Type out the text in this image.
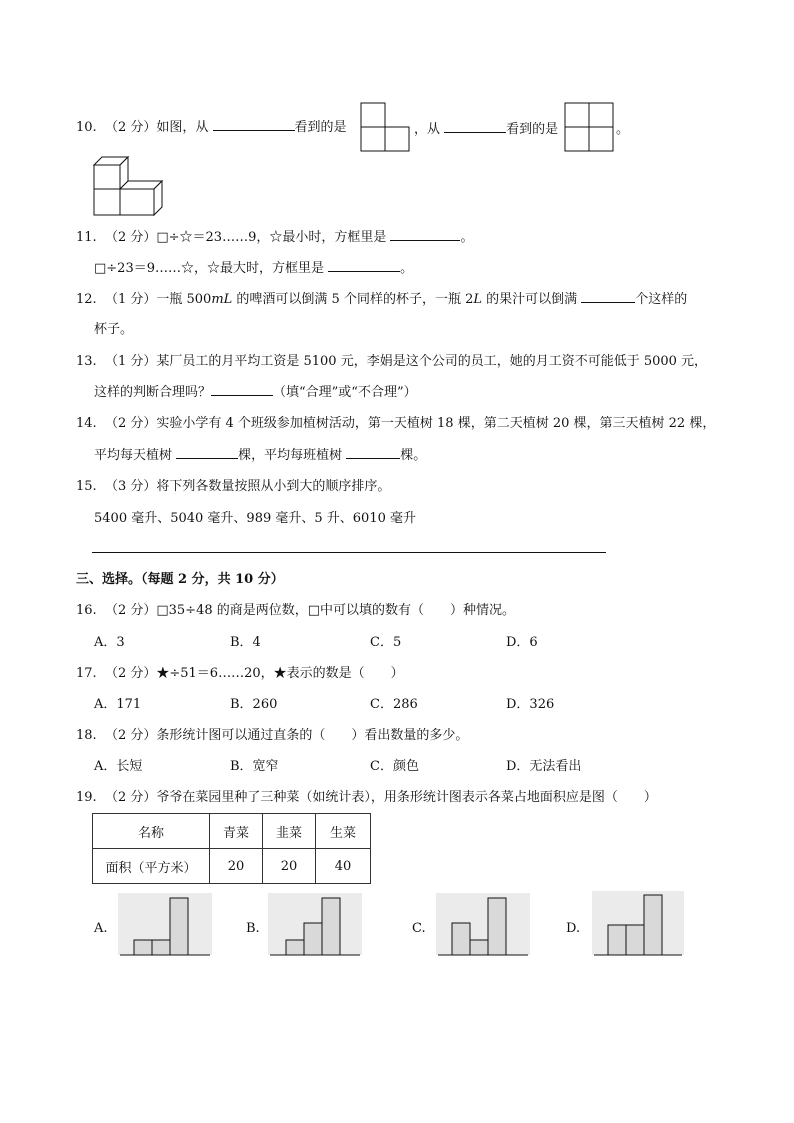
10. （2 分）如图，从	看到的是	，从	看到的是	。
11. （2 分）□÷☆＝23……9，☆最小时，方框里是	。
□÷23＝9……☆，☆最大时，方框里是	。
12. （1 分）一瓶 500mL 的啤酒可以倒满 5 个同样的杯子，一瓶 2L 的果汁可以倒满	个这样的
杯子。
13. （1 分）某厂员工的月平均工资是 5100 元，李娟是这个公司的员工，她的月工资不可能低于 5000 元，
这样的判断合理吗？	（填“合理”或“不合理”）
14. （2 分）实验小学有 4 个班级参加植树活动，第一天植树 18 棵，第二天植树 20 棵，第三天植树 22 棵，
平均每天植树	棵，平均每班植树	棵。
15. （3 分）将下列各数量按照从小到大的顺序排序。
5400 毫升、5040 毫升、989 毫升、5 升、6010 毫升
三、选择。（每题 2 分，共 10 分）
16. （2 分）□35÷48 的商是两位数，□中可以填的数有（　　）种情况。
A．3	B．4	C．5	D．6
17. （2 分）★÷51＝6……20，★表示的数是（　　）
A．171	B．260	C．286	D．326
18. （2 分）条形统计图可以通过直条的（　　）看出数量的多少。
A．长短	B．宽窄	C．颜色	D．无法看出
19. （2 分）爷爷在菜园里种了三种菜（如统计表），用条形统计图表示各菜占地面积应是图（　　）
名称	青菜	韭菜	生菜
面积（平方米）	20	20	40
A.	B.	C.	D.
